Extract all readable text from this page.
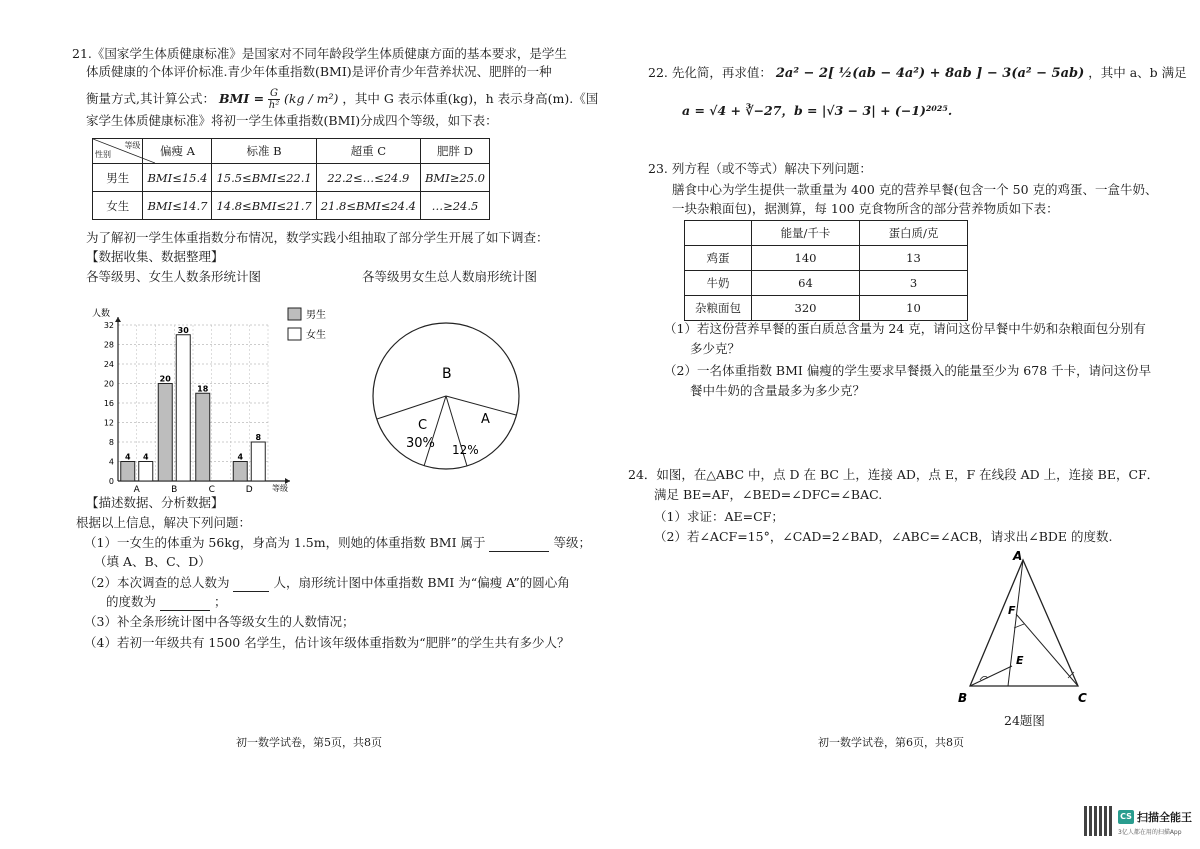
21.《国家学生体质健康标准》是国家对不同年龄段学生体质健康方面的基本要求，是学生
体质健康的个体评价标准.青少年体重指数(BMI)是评价青少年营养状况、肥胖的一种
衡量方式,其计算公式： BMI = $\frac{G}{\text{h²}} (kg / m^2)$ ，其中 G 表示体重(kg)，h 表示身高(m).《国
家学生体质健康标准》将初一学生体重指数(BMI)分成四个等级，如下表：
性别
等级	偏瘦 A	标准 B	超重 C	肥胖 D
男生	BMI≤15.4	15.5≤BMI≤22.1	22.2≤…≤24.9	BMI≥25.0
女生	BMI≤14.7	14.8≤BMI≤21.7	21.8≤BMI≤24.4	…≥24.5
为了解初一学生体重指数分布情况，数学实践小组抽取了部分学生开展了如下调查：
【数据收集、数据整理】
各等级男、女生人数条形统计图	各等级男女生总人数扇形统计图
0
4
8
12
16
20
24
28
32
4
20
18
4
4
30
8
A	B	C	D
人数
等级
男生
女生
B
C
30%
A
12%
【描述数据、分析数据】
根据以上信息，解决下列问题：
（1）一女生的体重为 56kg，身高为 1.5m，则她的体重指数 BMI 属于	等级；
（填 A、B、C、D）
（2）本次调查的总人数为	人，扇形统计图中体重指数 BMI 为“偏瘦 A”的圆心角
的度数为	；
（3）补全条形统计图中各等级女生的人数情况；
（4）若初一年级共有 1500 名学生，估计该年级体重指数为“肥胖”的学生共有多少人？
初一数学试卷，第5页，共8页
22. 先化简，再求值： 2a² − 2[ ½(ab − 4a²) + 8ab ] − 3(a² − 5ab) ，其中 a、b 满足
a = √4 + ∛−27，b = |√3 − 3| + (−1)²⁰²⁵.
23. 列方程（或不等式）解决下列问题：
膳食中心为学生提供一款重量为 400 克的营养早餐(包含一个 50 克的鸡蛋、一盒牛奶、
一块杂粮面包)，据测算，每 100 克食物所含的部分营养物质如下表：
	能量/千卡	蛋白质/克
鸡蛋	140	13
牛奶	64	3
杂粮面包	320	10
（1）若这份营养早餐的蛋白质总含量为 24 克，请问这份早餐中牛奶和杂粮面包分别有
多少克？
（2）一名体重指数 BMI 偏瘦的学生要求早餐摄入的能量至少为 678 千卡，请问这份早
餐中牛奶的含量最多为多少克？
24．如图，在△ABC 中，点 D 在 BC 上，连接 AD，点 E，F 在线段 AD 上，连接 BE，CF．
满足 BE=AF，∠BED=∠DFC=∠BAC.
（1）求证：AE=CF；
（2）若∠ACF=15°，∠CAD=2∠BAD，∠ABC=∠ACB，请求出∠BDE 的度数.
A
B	C
F
E
24题图
初一数学试卷，第6页，共8页
CS 扫描全能王
3亿人都在用的扫描App
